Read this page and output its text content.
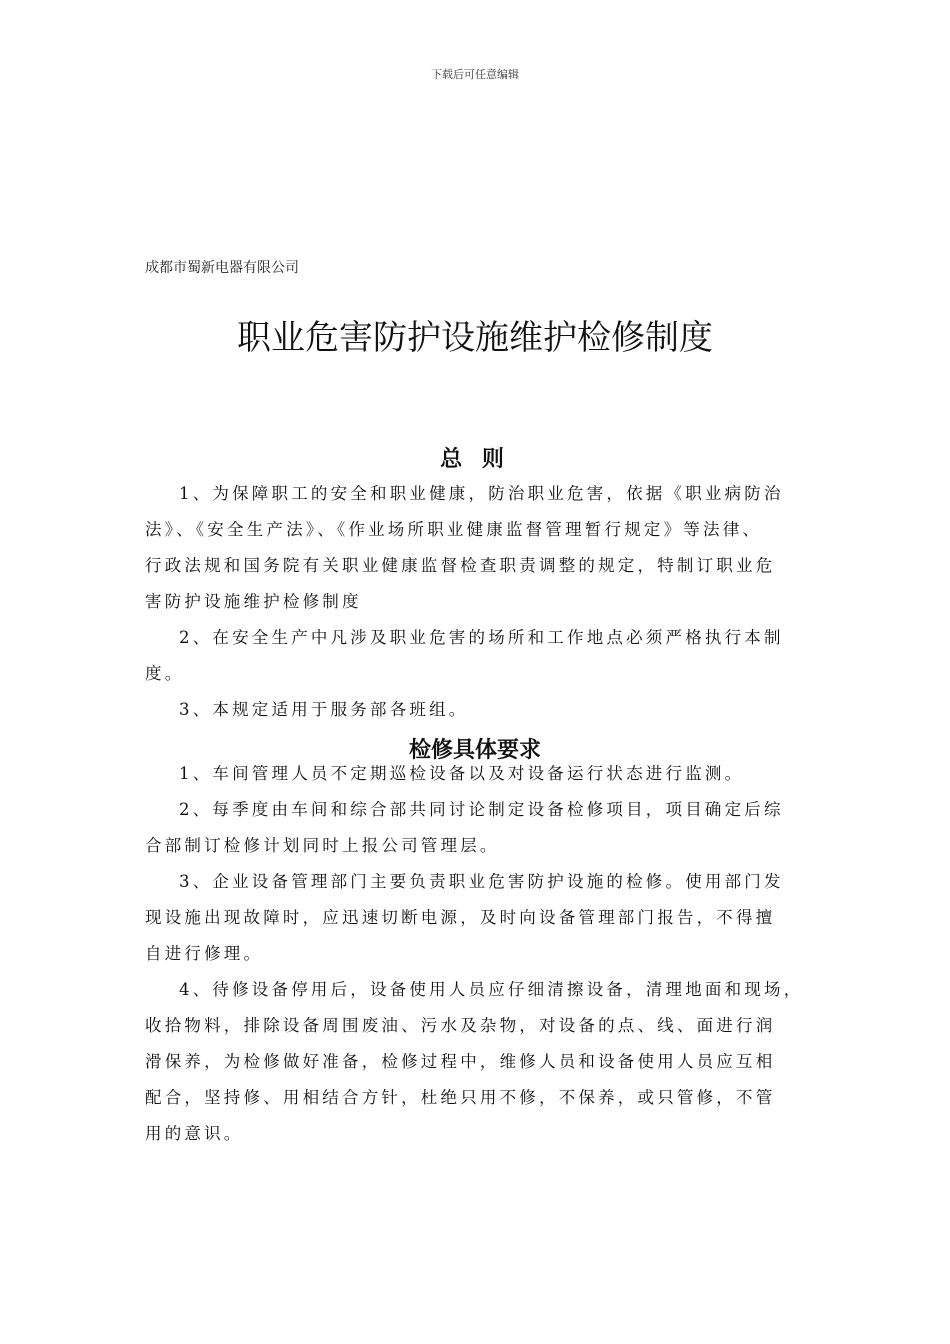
下载后可任意编辑
成都市蜀新电器有限公司
职业危害防护设施维护检修制度
总 则
1、为保障职工的安全和职业健康，防治职业危害，依据《职业病防治
法》、《安全生产法》、《作业场所职业健康监督管理暂行规定》等法律、
行政法规和国务院有关职业健康监督检查职责调整的规定，特制订职业危
害防护设施维护检修制度
2、在安全生产中凡涉及职业危害的场所和工作地点必须严格执行本制
度。
3、本规定适用于服务部各班组。
检修具体要求
1、车间管理人员不定期巡检设备以及对设备运行状态进行监测。
2、每季度由车间和综合部共同讨论制定设备检修项目，项目确定后综
合部制订检修计划同时上报公司管理层。
3、企业设备管理部门主要负责职业危害防护设施的检修。使用部门发
现设施出现故障时，应迅速切断电源，及时向设备管理部门报告，不得擅
自进行修理。
4、待修设备停用后，设备使用人员应仔细清擦设备，清理地面和现场，
收拾物料，排除设备周围废油、污水及杂物，对设备的点、线、面进行润
滑保养，为检修做好准备，检修过程中，维修人员和设备使用人员应互相
配合，坚持修、用相结合方针，杜绝只用不修，不保养，或只管修，不管
用的意识。
